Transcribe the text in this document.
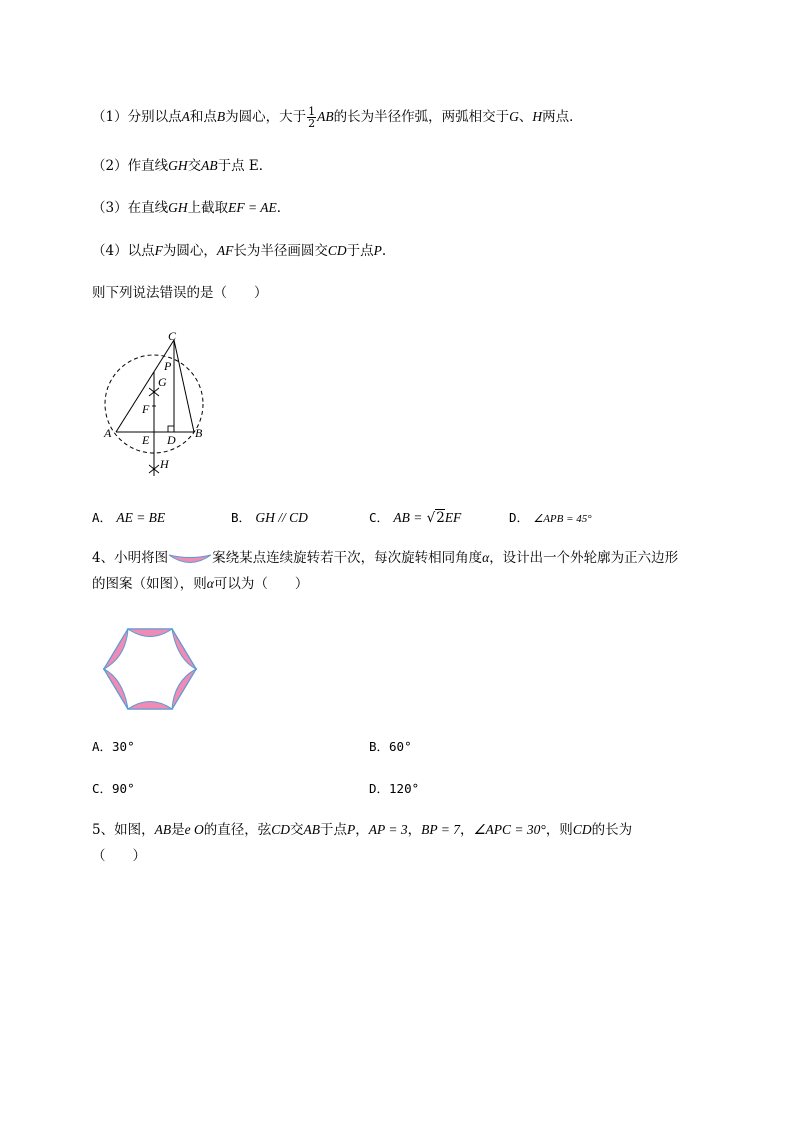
（1）分别以点A和点B为圆心，大于 $\frac{1}{2}$ AB的长为半径作弧，两弧相交于G、H两点．
（2）作直线GH交AB于点 E．
（3）在直线GH上截取EF = AE．
（4）以点F为圆心，AF长为半径画圆交CD于点P.
则下列说法错误的是（　　）
C
P
G
F
A	E D B
H
A． AE = BE	B． GH // CD	C． AB = √2EF	D． ∠APB = 45°
4、小明将图	案绕某点连续旋转若干次，每次旋转相同角度α，设计出一个外轮廓为正六边形
的图案（如图），则α可以为（　　）
A．30°	B．60°
C．90°	D．120°
5、如图，AB是e O的直径，弦CD交AB于点P，AP = 3，BP = 7，∠APC = 30°，则CD的长为
（　　）
